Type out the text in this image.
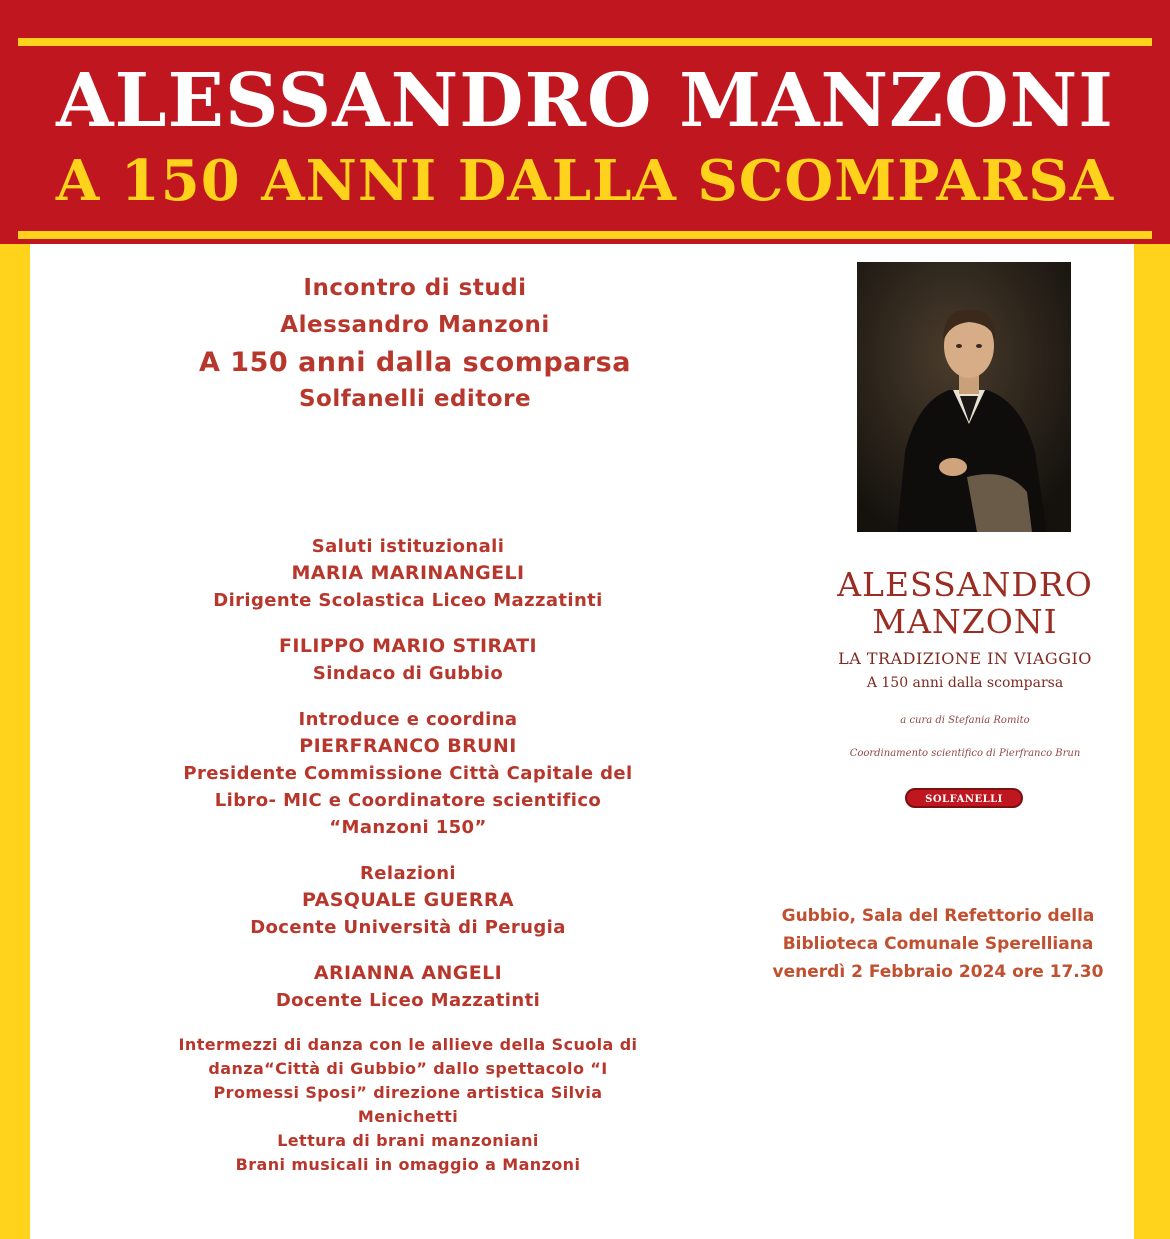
ALESSANDRO MANZONI
A 150 ANNI DALLA SCOMPARSA
Incontro di studi
Alessandro Manzoni
A 150 anni dalla scomparsa
Solfanelli editore

Saluti istituzionali
MARIA MARINANGELI
Dirigente Scolastica Liceo Mazzatinti

FILIPPO MARIO STIRATI
Sindaco di Gubbio

Introduce e coordina
PIERFRANCO BRUNI
Presidente Commissione Città Capitale del
Libro- MIC e Coordinatore scientifico
“Manzoni 150”

Relazioni
PASQUALE GUERRA
Docente Università di Perugia

ARIANNA ANGELI
Docente Liceo Mazzatinti

Intermezzi di danza con le allieve della Scuola di
danza“Città di Gubbio” dallo spettacolo “I
Promessi Sposi” direzione artistica Silvia
Menichetti
Lettura di brani manzoniani
Brani musicali in omaggio a Manzoni
ALESSANDRO
MANZONI
LA TRADIZIONE IN VIAGGIO
A 150 anni dalla scomparsa
a cura di Stefania Romito
Coordinamento scientifico di Pierfranco Brun
SOLFANELLI
Gubbio, Sala del Refettorio della
Biblioteca Comunale Sperelliana
venerdì 2 Febbraio 2024 ore 17.30
